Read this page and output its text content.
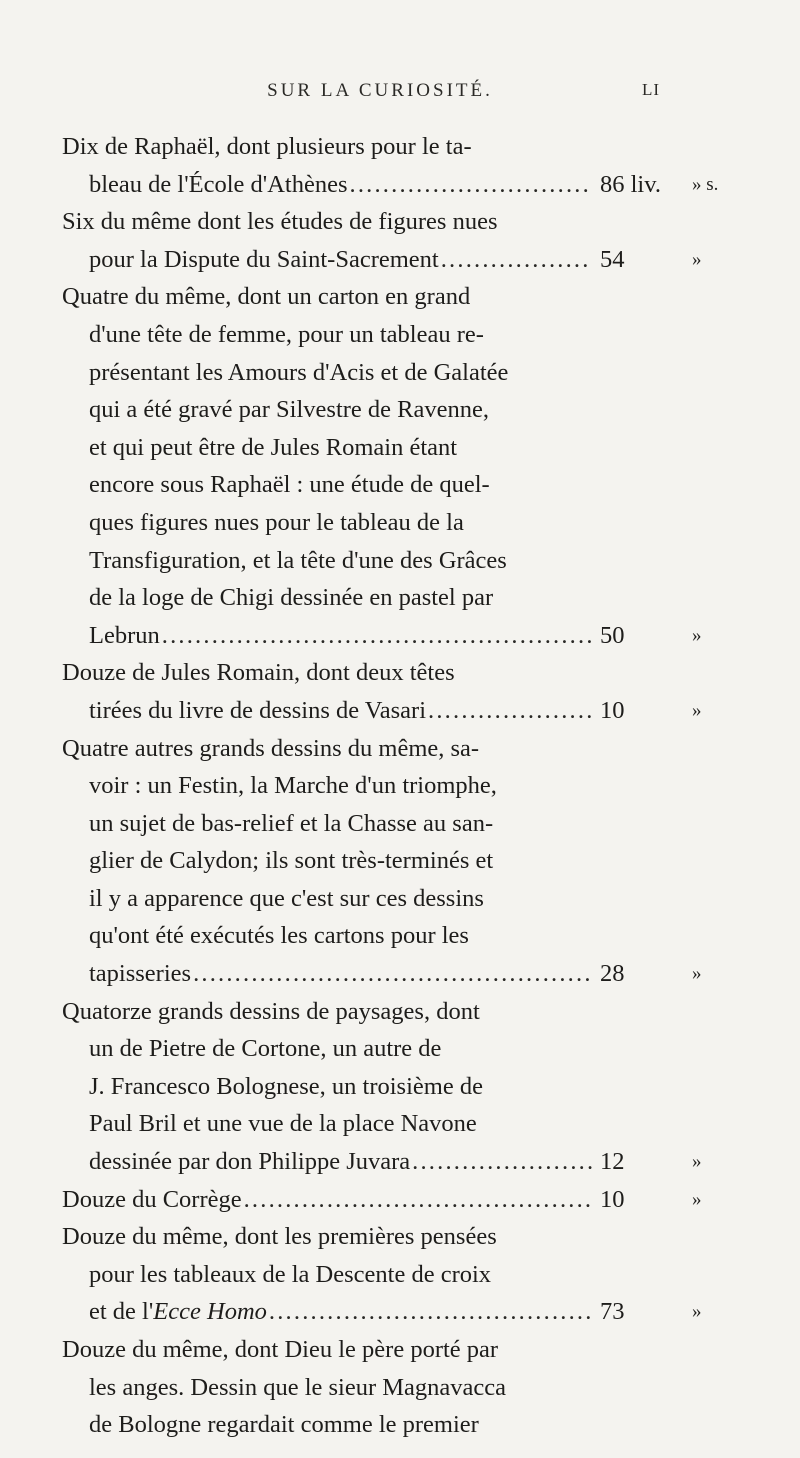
SUR LA CURIOSITÉ.	LI
Dix de Raphaël, dont plusieurs pour le ta-
bleau de l'École d'Athènes .....	86 liv. » s.
Six du même dont les études de figures nues
pour la Dispute du Saint-Sacrement .....	54	»
Quatre du même, dont un carton en grand
d'une tête de femme, pour un tableau re-
présentant les Amours d'Acis et de Galatée
qui a été gravé par Silvestre de Ravenne,
et qui peut être de Jules Romain étant
encore sous Raphaël : une étude de quel-
ques figures nues pour le tableau de la
Transfiguration, et la tête d'une des Grâces
de la loge de Chigi dessinée en pastel par
Lebrun .....	50	»
Douze de Jules Romain, dont deux têtes
tirées du livre de dessins de Vasari .....	10	»
Quatre autres grands dessins du même, sa-
voir : un Festin, la Marche d'un triomphe,
un sujet de bas-relief et la Chasse au san-
glier de Calydon; ils sont très-terminés et
il y a apparence que c'est sur ces dessins
qu'ont été exécutés les cartons pour les
tapisseries .....	28	»
Quatorze grands dessins de paysages, dont
un de Pietre de Cortone, un autre de
J. Francesco Bolognese, un troisième de
Paul Bril et une vue de la place Navone
dessinée par don Philippe Juvara .....	12	»
Douze du Corrège .....	10	»
Douze du même, dont les premières pensées
pour les tableaux de la Descente de croix
et de l'Ecce Homo .....	73	»
Douze du même, dont Dieu le père porté par
les anges. Dessin que le sieur Magnavacca
de Bologne regardait comme le premier
